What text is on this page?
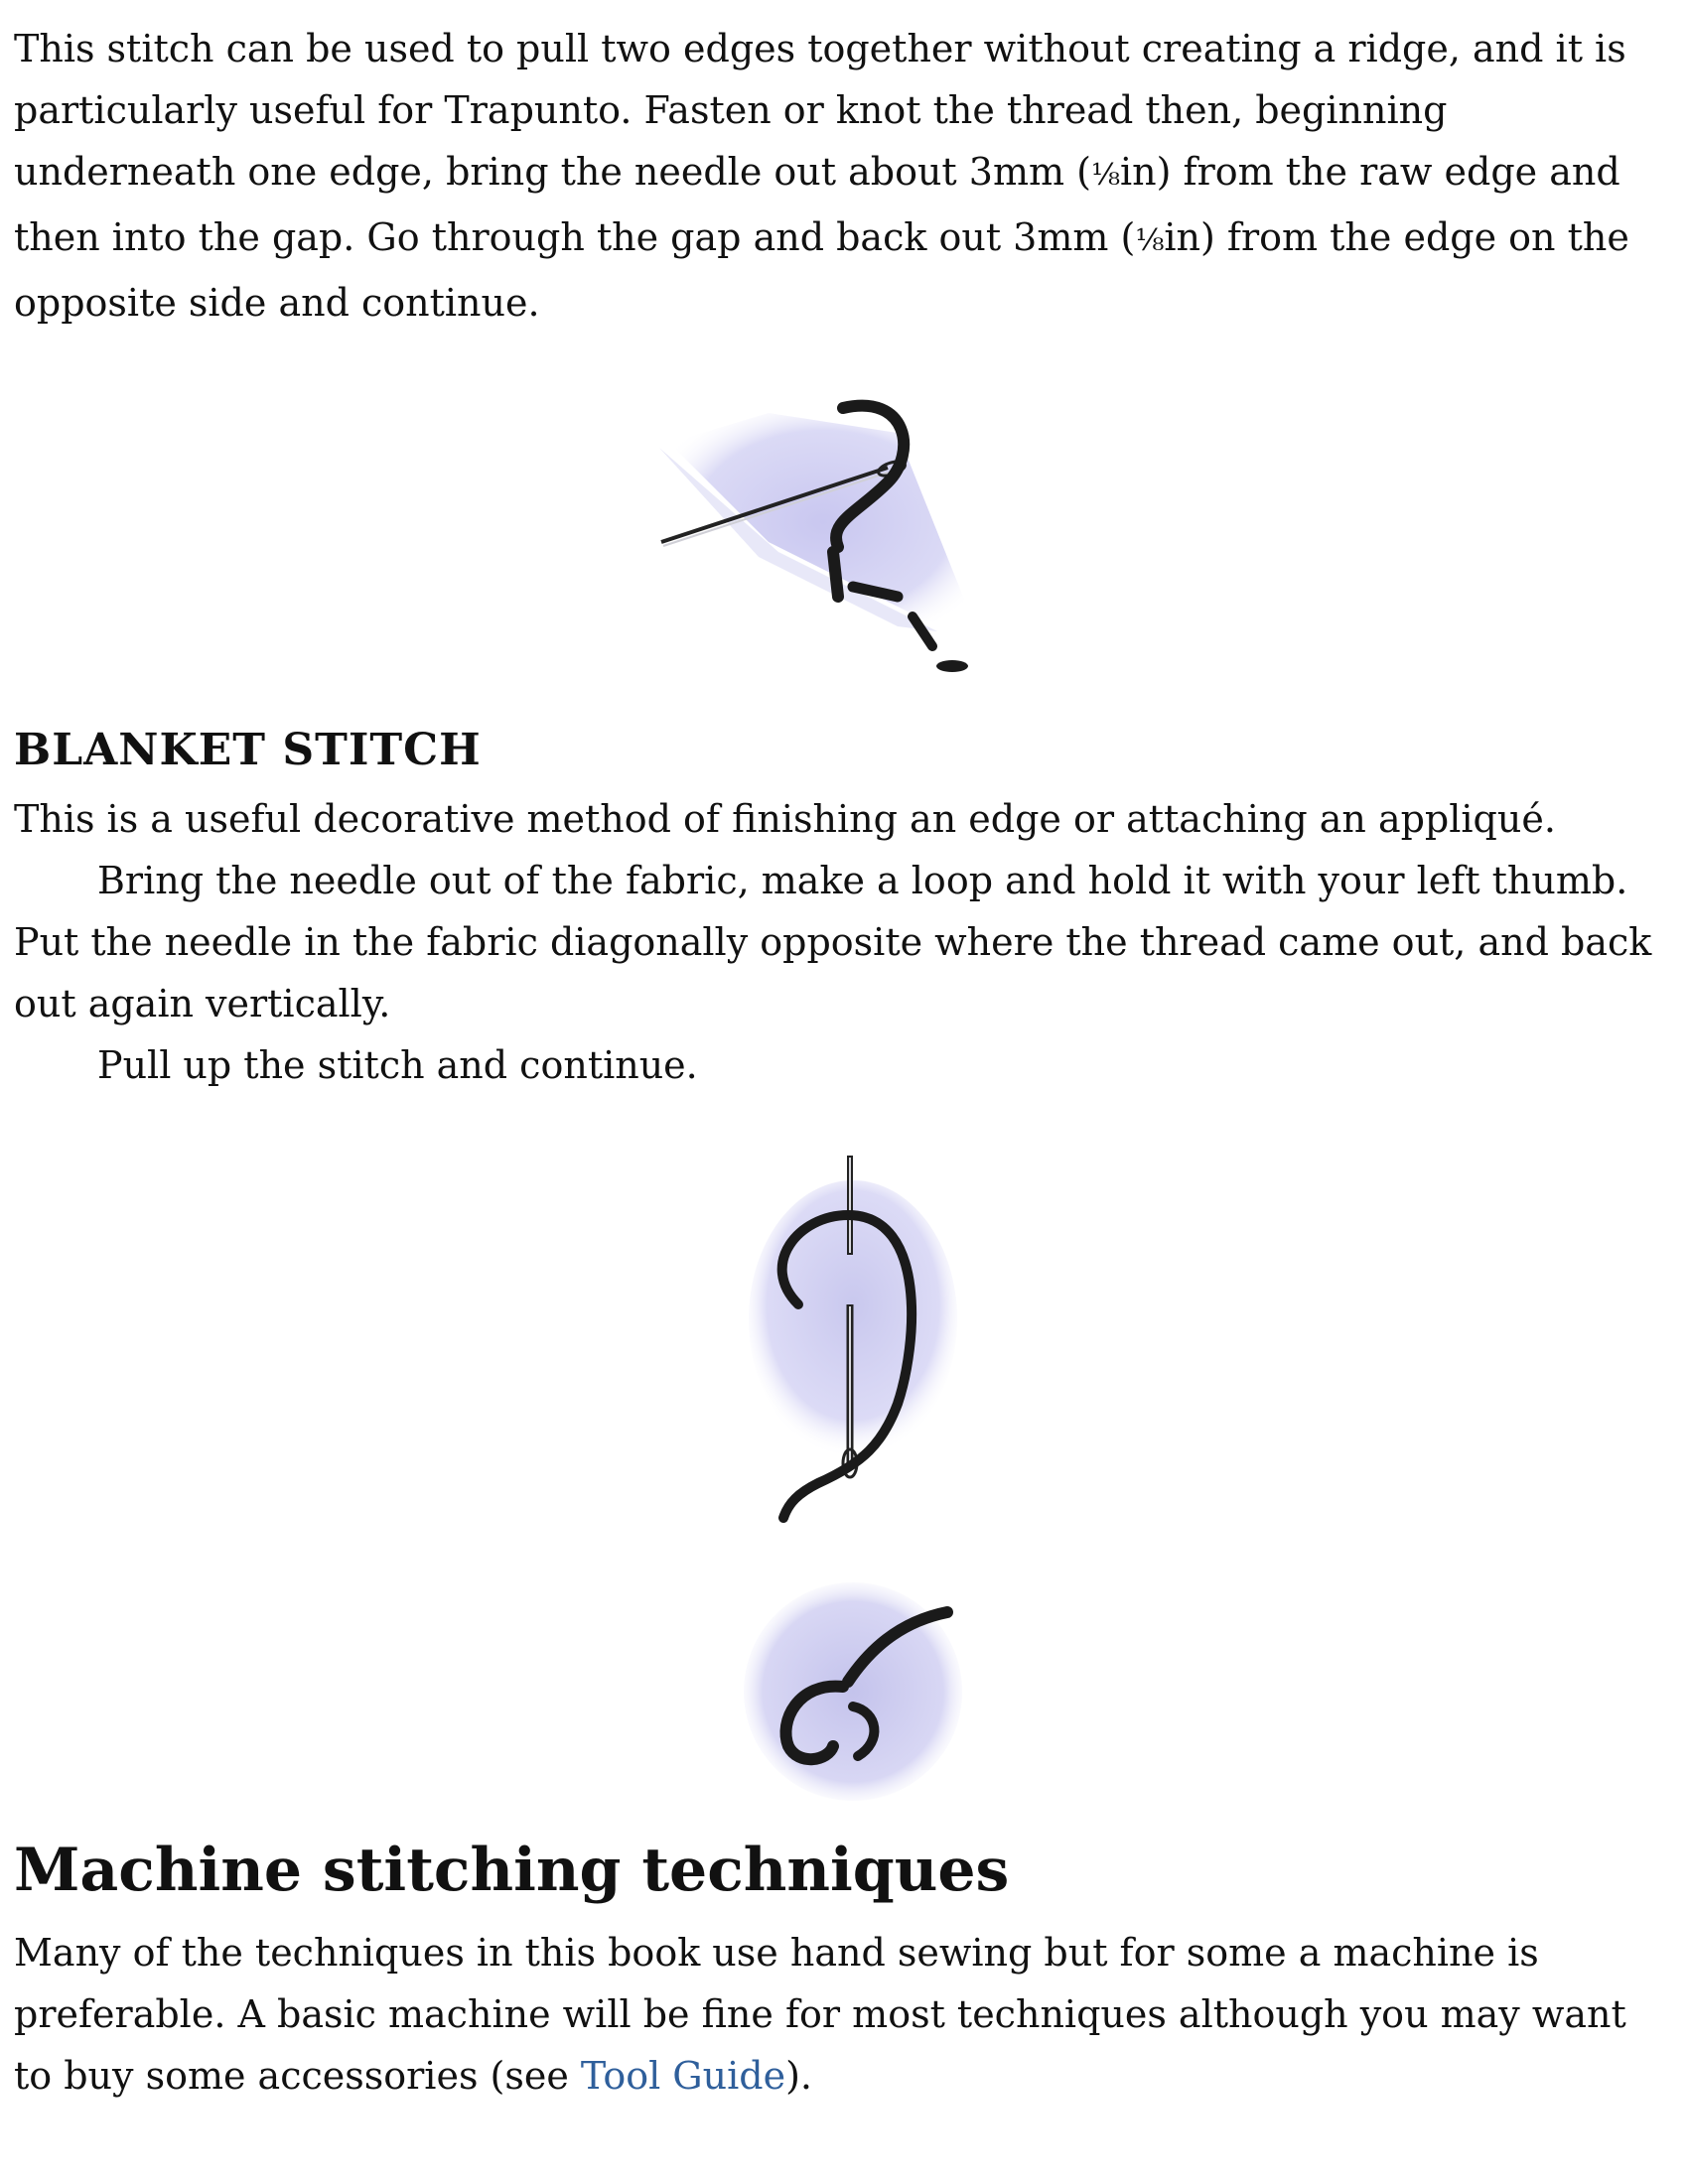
This stitch can be used to pull two edges together without creating a ridge, and it is particularly useful for Trapunto. Fasten or knot the thread then, beginning underneath one edge, bring the needle out about 3mm (⅛in) from the raw edge and then into the gap. Go through the gap and back out 3mm (⅛in) from the edge on the opposite side and continue.

BLANKET STITCH

This is a useful decorative method of finishing an edge or attaching an appliqué.

Bring the needle out of the fabric, make a loop and hold it with your left thumb. Put the needle in the fabric diagonally opposite where the thread came out, and back out again vertically.

Pull up the stitch and continue.

Machine stitching techniques

Many of the techniques in this book use hand sewing but for some a machine is preferable. A basic machine will be fine for most techniques although you may want to buy some accessories (see Tool Guide).
